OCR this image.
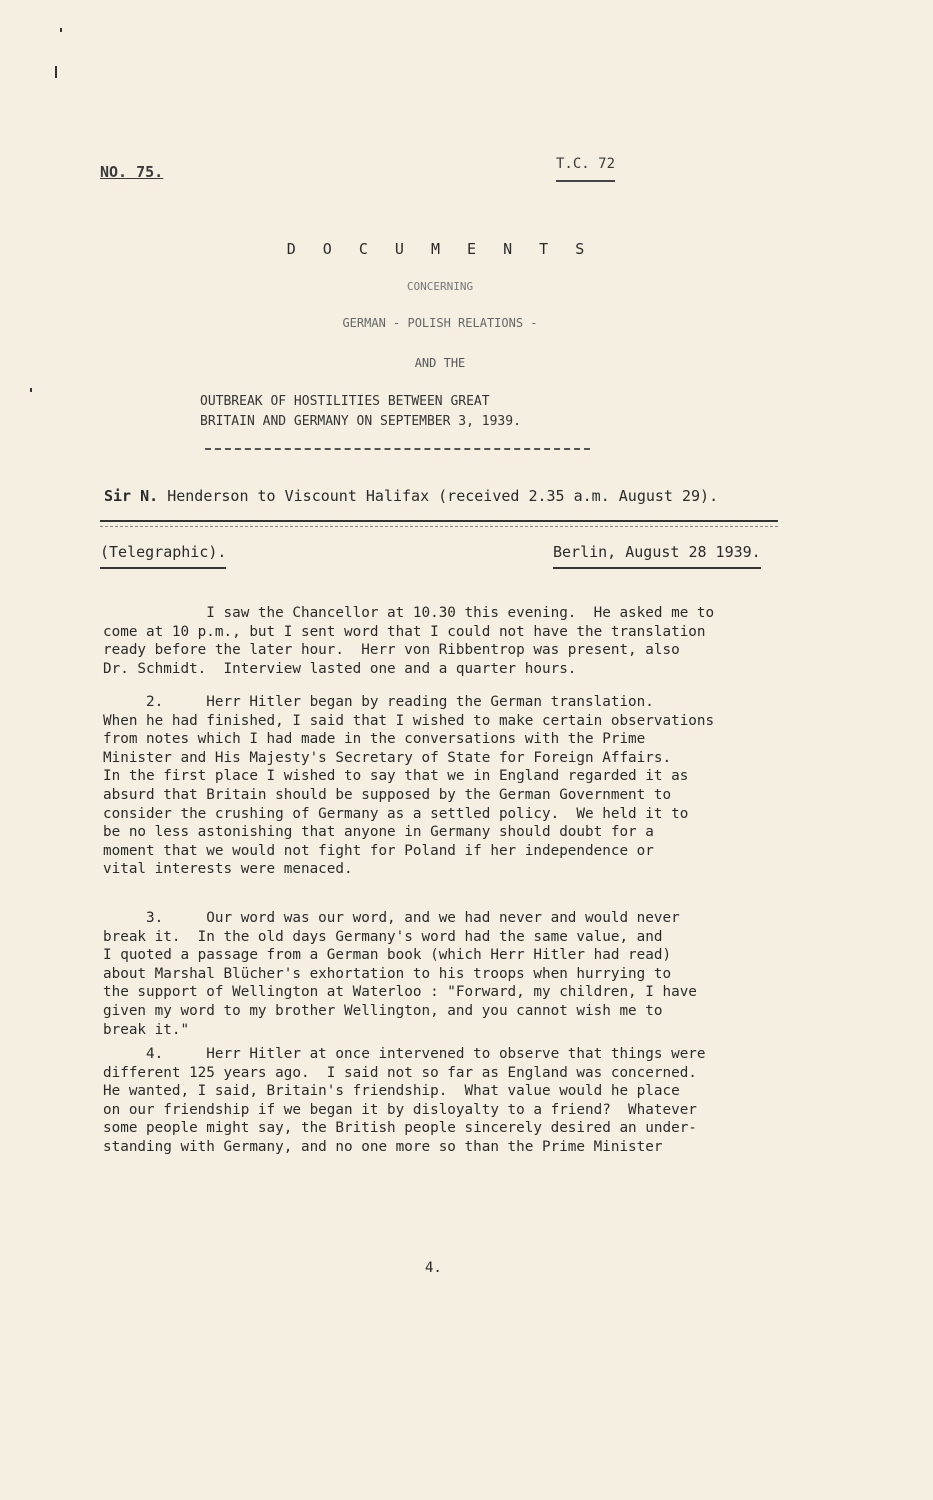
NO. 75.	T.C. 72
D O C U M E N T S
CONCERNING
GERMAN - POLISH RELATIONS -
AND THE
OUTBREAK OF HOSTILITIES BETWEEN GREAT
BRITAIN AND GERMANY ON SEPTEMBER 3, 1939.
Sir N. Henderson to Viscount Halifax (received 2.35 a.m. August 29).
(Telegraphic).	Berlin, August 28 1939.
I saw the Chancellor at 10.30 this evening.  He asked me to
come at 10 p.m., but I sent word that I could not have the translation
ready before the later hour.  Herr von Ribbentrop was present, also
Dr. Schmidt.  Interview lasted one and a quarter hours.
2.     Herr Hitler began by reading the German translation.
When he had finished, I said that I wished to make certain observations
from notes which I had made in the conversations with the Prime
Minister and His Majesty's Secretary of State for Foreign Affairs.
In the first place I wished to say that we in England regarded it as
absurd that Britain should be supposed by the German Government to
consider the crushing of Germany as a settled policy.  We held it to
be no less astonishing that anyone in Germany should doubt for a
moment that we would not fight for Poland if her independence or
vital interests were menaced.
3.     Our word was our word, and we had never and would never
break it.  In the old days Germany's word had the same value, and
I quoted a passage from a German book (which Herr Hitler had read)
about Marshal Blücher's exhortation to his troops when hurrying to
the support of Wellington at Waterloo : "Forward, my children, I have
given my word to my brother Wellington, and you cannot wish me to
break it."
4.     Herr Hitler at once intervened to observe that things were
different 125 years ago.  I said not so far as England was concerned.
He wanted, I said, Britain's friendship.  What value would he place
on our friendship if we began it by disloyalty to a friend?  Whatever
some people might say, the British people sincerely desired an under-
standing with Germany, and no one more so than the Prime Minister
4.
